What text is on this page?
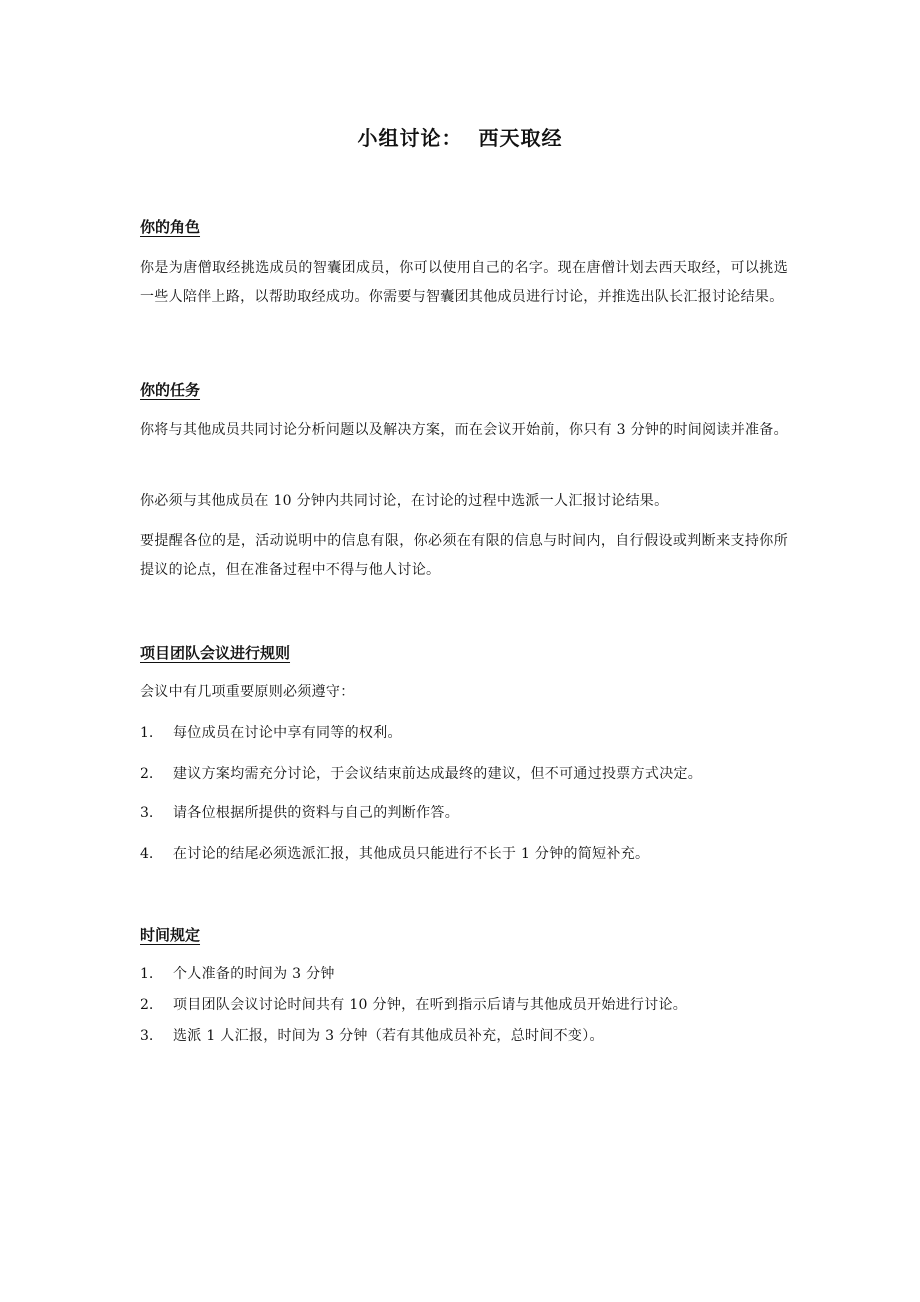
小组讨论：  西天取经
你的角色

你是为唐僧取经挑选成员的智囊团成员，你可以使用自己的名字。现在唐僧计划去西天取经，可以挑选一些人陪伴上路，以帮助取经成功。你需要与智囊团其他成员进行讨论，并推选出队长汇报讨论结果。

你的任务

你将与其他成员共同讨论分析问题以及解决方案，而在会议开始前，你只有 3 分钟的时间阅读并准备。

你必须与其他成员在 10 分钟内共同讨论，在讨论的过程中选派一人汇报讨论结果。

要提醒各位的是，活动说明中的信息有限，你必须在有限的信息与时间内，自行假设或判断来支持你所提议的论点，但在准备过程中不得与他人讨论。

项目团队会议进行规则

会议中有几项重要原则必须遵守：

1.	每位成员在讨论中享有同等的权利。
2.	建议方案均需充分讨论，于会议结束前达成最终的建议，但不可通过投票方式决定。
3.	请各位根据所提供的资料与自己的判断作答。
4.	在讨论的结尾必须选派汇报，其他成员只能进行不长于 1 分钟的简短补充。
时间规定
1.	个人准备的时间为 3 分钟
2.	项目团队会议讨论时间共有 10 分钟，在听到指示后请与其他成员开始进行讨论。
3.	选派 1 人汇报，时间为 3 分钟（若有其他成员补充，总时间不变）。
